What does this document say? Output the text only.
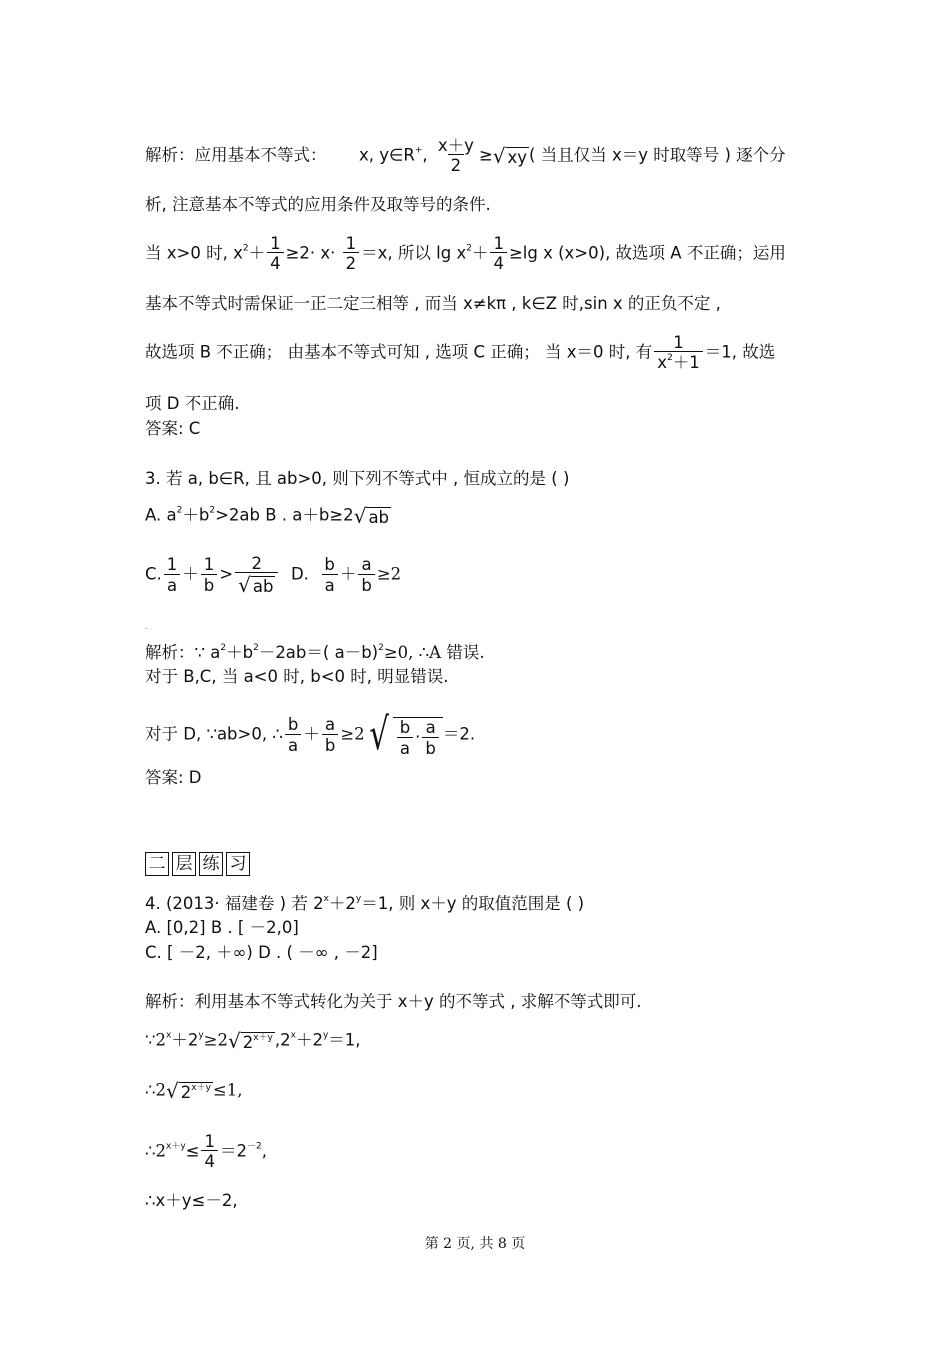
解析：应用基本不等式： x, y∈R+, $\frac{x+y}{2}$ ≥ √ xy ( 当且仅当 x＝y 时取等号 ) 逐个分
析, 注意基本不等式的应用条件及取等号的条件.
当 x>0 时, $x^2+ \frac{1}{4} \ge 2\cdot x\cdot \frac{1}{2} =x$, 所以 $\lg x^2+ \frac{1}{4} \ge\lg$ x (x>0), 故选项 A 不正确；运用
基本不等式时需保证一正二定三相等 , 而当 x≠kπ , k∈Z 时,sin x 的正负不定 ,
故选项 B 不正确； 由基本不等式可知 , 选项 C 正确； 当 x＝0 时, 有 $\frac{1}{x^2+1} =1$, 故选
项 D 不正确.
答案: C
3. 若 a, b∈R, 且 ab>0, 则下列不等式中 , 恒成立的是 ( )
A. $a^2+b^2>2ab$ B . a＋b≥2 √ ab
C. $\frac{1}{a} + \frac{1}{b} > \frac{2}{√ ab} D$. $\frac{b}{a} + \frac{a}{b} \ge 2$
.
解析：∵ $a^2+b^2-2ab=$( a－b)$^2$≥0, ∴A 错误.
对于 B,C, 当 a<0 时, b<0 时, 明显错误.
对于 D, ∵ab>0, ∴ $\frac{b}{a} + \frac{a}{b} \ge 2$ √ $\frac{b}{a} \cdot \frac{a}{b} =2$.
答案: D
二 层 练 习
4. (2013· 福建卷 ) 若 $2^x+2^y=1$, 则 x＋y 的取值范围是 ( )
A. [0,2] B . [ －2,0]
C. [ －2, ＋∞) D . ( －∞ , －2]
解析：利用基本不等式转化为关于 x＋y 的不等式 , 求解不等式即可.
$\because 2^x+2^y\ge 2$ √ $2^{x+y}$ $,2^x+2^y=1$,
∴2 √ $2^{x+y} \le 1$,
$\therefore 2^{x+y}\le \frac{1}{4} =2^{-2}$,
∴x＋y≤－2,
第 2 页, 共 8 页
